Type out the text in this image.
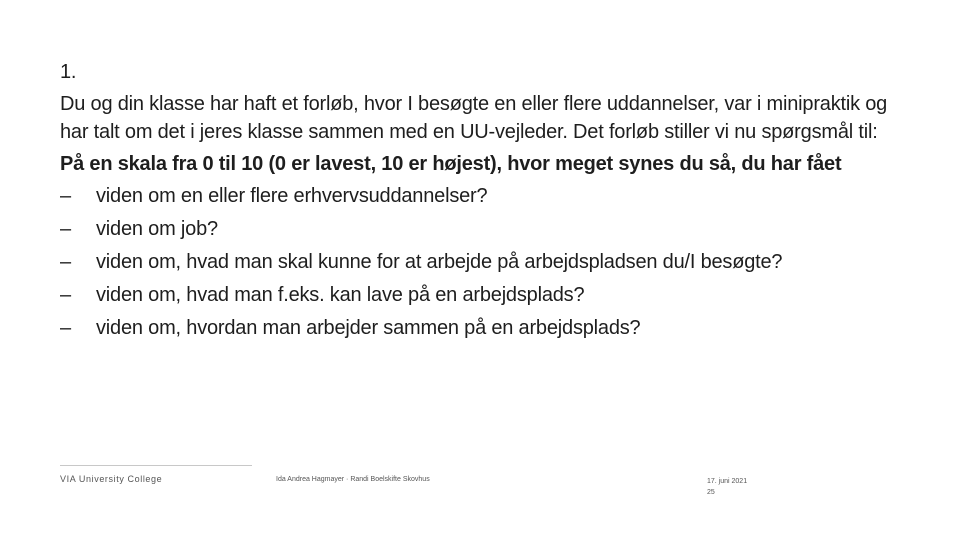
1.

Du og din klasse har haft et forløb, hvor I besøgte en eller flere uddannelser, var i minipraktik og har talt om det i jeres klasse sammen med en UU-vejleder. Det forløb stiller vi nu spørgsmål til:

På en skala fra 0 til 10 (0 er lavest, 10 er højest), hvor meget synes du så, du har fået

–	viden om en eller flere erhvervsuddannelser?
–	viden om job?
–	viden om, hvad man skal kunne for at arbejde på arbejdspladsen du/I besøgte?
–	viden om, hvad man f.eks. kan lave på en arbejdsplads?
–	viden om, hvordan man arbejder sammen på en arbejdsplads?
VIA University College	Ida Andrea Hagmayer · Randi Boelskifte Skovhus	17. juni 2021
25
